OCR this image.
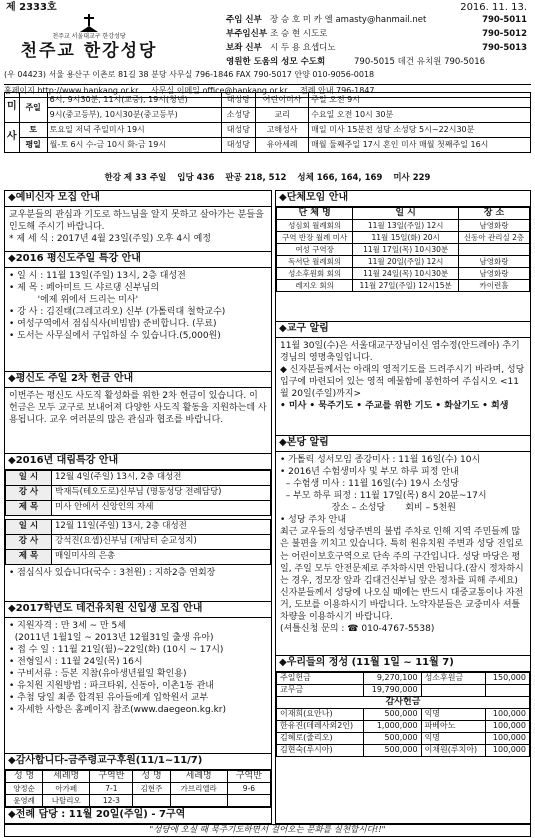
제 2333호	2016. 11. 13.
천주교 서울대교구 한강성당
천주교 한강성당
주임 신부 장 승 호 미 카 엘 amasty@hanmail.net	790-5011
부주임신부 조 승 현 시도로	790-5012
보좌 신부 시 두 용 요셉디노	790-5013
영원한 도움의 성모 수도회	790-5015 데건 유치원 790-5016
(우 04423) 서울 용산구 이촌로 81길 38 분당 사무실 796-1846 FAX 790-5017 안양 010-9056-0018
홈페이지 http://www.hankang.or.kr 사무실 이메일 office@hankang.or.kr 전례 안내 796-1847
미	주일	6시, 9시30분, 11시(교중), 19시(청년)	대성당	어린이미사	주일 오전 9시
		9시(중고등부), 10시30분(중고등부)	소성당	교리	수요일 오전 10시 30분
사	토	토요일 저녁 주일미사 19시	대성당	고해성사	매일 미사 15분전 성당 소성당 5시~22시30분
	평일	월-토 6시 수-금 10시 화-금 19시	대성당	유아세례	매월 둘째주일 17시 혼인 미사 매월 첫째주일 16시
한강 제 33 주일 입당 436 판공 218, 512 성체 166, 164, 169 미사 229
◆예비신자 모집 안내

교우분들의 관심과 기도로 하느님을 알지 못하고 살아가는 분들을 인도해 주시기 바랍니다.

* 제 세 식 : 2017년 4월 23일(주일) 오후 4시 예정

◆2016 평신도주일 특강 안내

• 일 시 : 11월 13일(주일) 13시, 2층 대성전

• 제 목 : 페아미트 드 샤르댕 신부님의

'에제 위에서 드리는 미사'

• 강 사 : 김진태(그레고리오) 신부 (가톨릭대 철학교수)

• 여성구역에서 점심식사(비빔밥) 준비합니다. (무료)

• 도서는 사무실에서 구입하실 수 있습니다.(5,000원)

◆평신도 주일 2차 헌금 안내

이번주는 평신도 사도직 활성화를 위한 2차 헌금이 있습니다. 이 헌금은 모두 교구로 보내어져 다양한 사도직 활동을 지원하는데 사용됩니다. 교우 여러분의 많은 관심과 협조를 바랍니다.

◆2016년 대림특강 안내
일 시	12월 4일(주일) 13시, 2층 대성전
강 사	박재득(테오도로)신부님 (명동성당 전례담당)
제 목	미사 안에서 신앙인의 자세
일 시	12월 11일(주일) 13시, 2층 대성전
강 사	강석진(요셉)신부님 (재남터 순교성지)
제 목	매일미사의 은총

• 점심식사 있습니다(국수 : 3천원) : 지하2층 연회장

◆2017학년도 데건유치원 신입생 모집 안내

• 지원자격 : 만 3세 ~ 만 5세

(2011년 1월1일 ~ 2013년 12월31일 출생 유아)

• 접 수 일 : 11월 21일(월)~22일(화) (10시 ~ 17시)

• 전형일시 : 11월 24일(목) 16시

• 구비서류 : 등본 지참(유아생년월일 확인용)

• 유치원 지원방법 : 파크타워, 신동아, 이촌1동 관내

• 추첨 당일 최종 합격된 유아들에게 입학원서 교부

• 자세한 사항은 홈페이지 참조(www.daegeon.kg.kr)

◆감사합니다-금주령교구후원(11/1~11/7)
성 명	세례명	구역반	성 명	세례명	구역반
양정순	아가페	7-1	김현주	가브리엘라	9-6
윤영례	나탈리오	12-3			
◆전례 담당 : 11월 20일(주일) - 7구역
◆단체모임 안내
단 체 명	일 시	장 소
성심회 월례회의	11월 13일(주일) 12시	남영화랑
구역 반장 월례 미사	11월 15일(화) 20시	신동아 관리실 2층
여성 구역장	11월 17일(목) 10시30분	
독서단 월례회의	11월 20일(주일) 12시	남영화랑
성소후원회 회의	11월 24일(목) 10시30분	남영화랑
레지오 회의	11월 27일(주일) 12시15분	카이런홀
◆교구 알림

11월 30일(수)은 서울대교구장님이신 염수정(안드레아) 추기경님의 영명축일입니다.

◆ 신자분들께서는 아래의 영적기도를 드려주시기 바라며, 성당입구에 마련되어 있는 영적 예물함에 봉헌하여 주십시오 <11월 20일(주일)까지>

• 미사 • 묵주기도 • 주교를 위한 기도 • 화살기도 • 희생

◆본당 알림

• 가톨릭 성서모임 종강미사 : 11월 16일(수) 10시

• 2016년 수험생미사 및 부모 하루 피정 안내

– 수험생 미사 : 11월 16일(수) 19시 소성당

– 부모 하루 피정 : 11월 17일(목) 8시 20분~17시

장소 – 소성당       회비 – 5천원

• 성당 주차 안내

최근 교우들의 성당주변의 불법 주차로 인해 지역 주민들께 많은 불편을 끼치고 있습니다. 특히 원유치원 주변과 성당 진입로는 어린이보호구역으로 단속 주의 구간입니다. 성당 마당은 평일, 주일 모두 안전문제로 주차하시면 안됩니다.(잠시 정차하시는 경우, 정모장 앞과 김대건신부님 앞은 정차를 피해 주세요) 신자분들께서 성당에 나오실 때에는 반드시 대중교통이나 자전거, 도보를 이용하시기 바랍니다. 노약자분들은 교중미사 셔틀차량을 이용하시기 바랍니다.

(셔틀신청 문의 : ☎ 010-4767-5538)

◆우리들의 정성 (11월 1일 ~ 11월 7)
주일헌금	9,270,100	성소후원금	150,000
교무금	19,790,000		
감사헌금			
이재희(요안나)	500,000	익명	100,000
한유진(데레사외2인)	1,000,000	파베아노	100,000
김혜로(줄리오)	500,000	익명	100,000
김현숙(루시아)	500,000	이채원(루치아)	100,000
"성당에 오실 때 묵주기도하면서 걸어오는 문화를 실천합시다!!"
